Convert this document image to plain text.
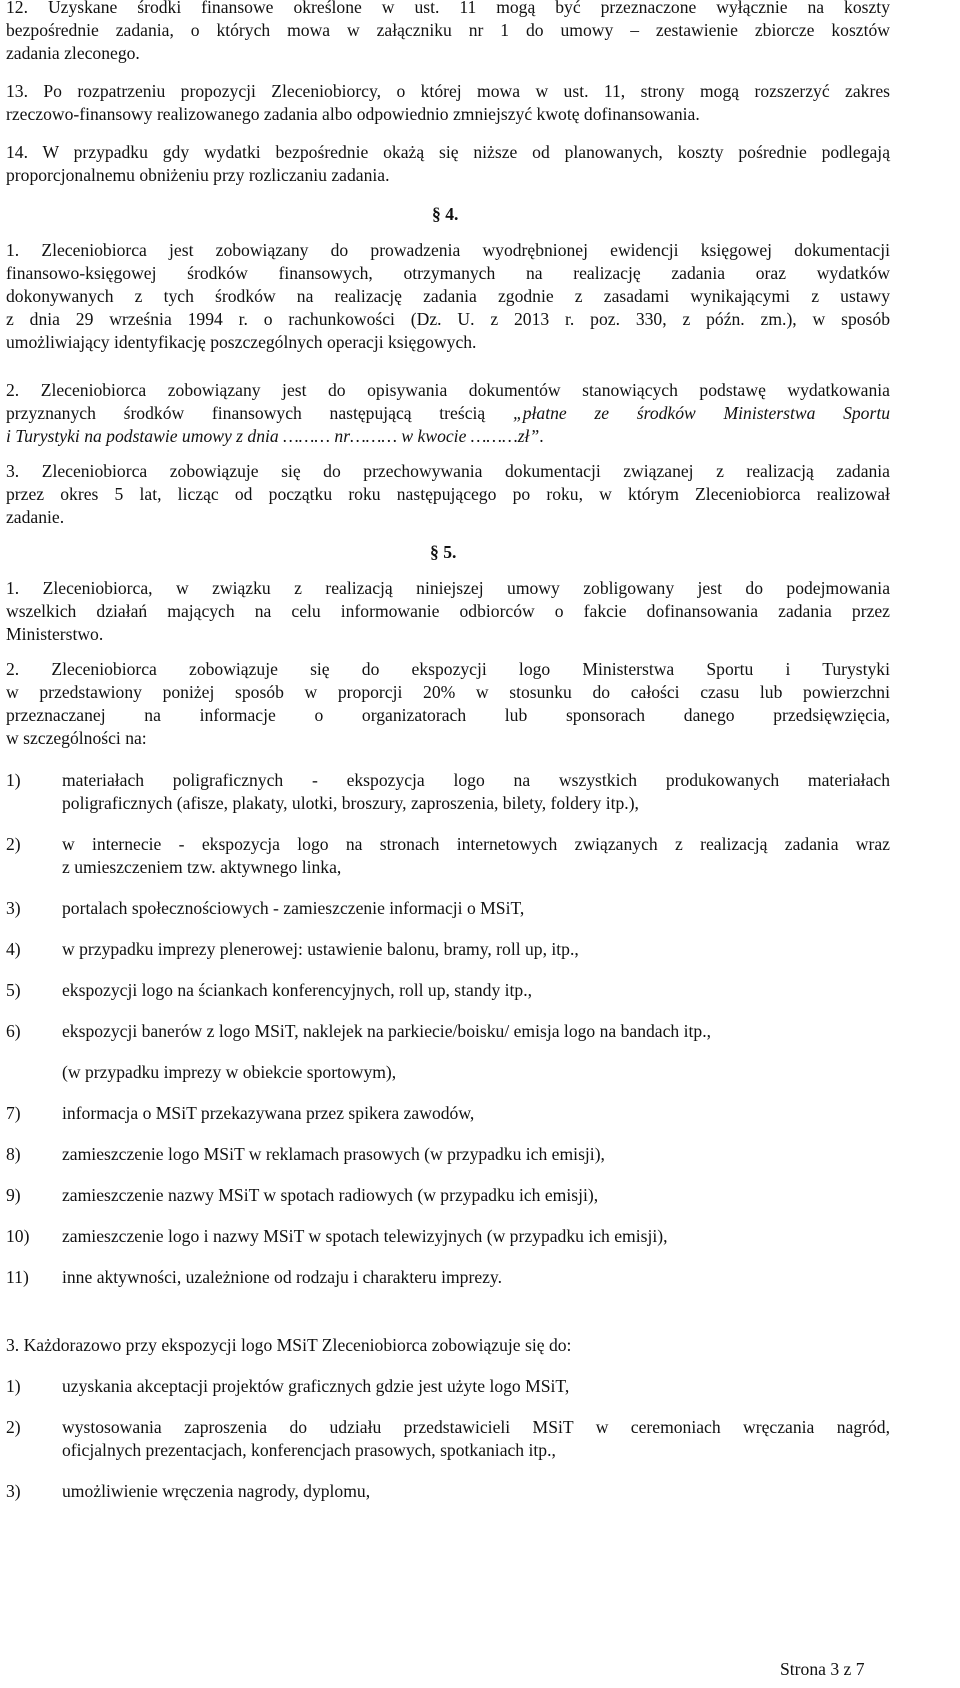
12. Uzyskane środki finansowe określone w ust. 11 mogą być przeznaczone wyłącznie na koszty
bezpośrednie zadania, o których mowa w załączniku nr 1 do umowy – zestawienie zbiorcze kosztów
zadania zleconego.
13. Po rozpatrzeniu propozycji Zleceniobiorcy, o której mowa w ust. 11, strony mogą rozszerzyć zakres
rzeczowo-finansowy realizowanego zadania albo odpowiednio zmniejszyć kwotę dofinansowania.
14. W przypadku gdy wydatki bezpośrednie okażą się niższe od planowanych, koszty pośrednie podlegają
proporcjonalnemu obniżeniu przy rozliczaniu zadania.
§ 4.
1. Zleceniobiorca jest zobowiązany do prowadzenia wyodrębnionej ewidencji księgowej dokumentacji
finansowo-księgowej środków finansowych, otrzymanych na realizację zadania oraz wydatków
dokonywanych z tych środków na realizację zadania zgodnie z zasadami wynikającymi z ustawy
z dnia 29 września 1994 r. o rachunkowości (Dz. U. z 2013 r. poz. 330, z późn. zm.), w sposób
umożliwiający identyfikację poszczególnych operacji księgowych.
2. Zleceniobiorca zobowiązany jest do opisywania dokumentów stanowiących podstawę wydatkowania
przyznanych środków finansowych następującą treścią „płatne ze środków Ministerstwa Sportu
i Turystyki na podstawie umowy z dnia ……… nr……… w kwocie ………zł”.
3. Zleceniobiorca zobowiązuje się do przechowywania dokumentacji związanej z realizacją zadania
przez okres 5 lat, licząc od początku roku następującego po roku, w którym Zleceniobiorca realizował
zadanie.
§ 5.
1. Zleceniobiorca, w związku z realizacją niniejszej umowy zobligowany jest do podejmowania
wszelkich działań mających na celu informowanie odbiorców o fakcie dofinansowania zadania przez
Ministerstwo.
2. Zleceniobiorca zobowiązuje się do ekspozycji logo Ministerstwa Sportu i Turystyki
w przedstawiony poniżej sposób w proporcji 20% w stosunku do całości czasu lub powierzchni
przeznaczanej na informacje o organizatorach lub sponsorach danego przedsięwzięcia,
w szczególności na:
1) materiałach poligraficznych - ekspozycja logo na wszystkich produkowanych materiałach
poligraficznych (afisze, plakaty, ulotki, broszury, zaproszenia, bilety, foldery itp.),
2) w internecie - ekspozycja logo na stronach internetowych związanych z realizacją zadania wraz
z umieszczeniem tzw. aktywnego linka,
3) portalach społecznościowych - zamieszczenie informacji o MSiT,
4) w przypadku imprezy plenerowej: ustawienie balonu, bramy, roll up, itp.,
5) ekspozycji logo na ściankach konferencyjnych, roll up, standy itp.,
6) ekspozycji banerów z logo MSiT, naklejek na parkiecie/boisku/ emisja logo na bandach itp.,
(w przypadku imprezy w obiekcie sportowym),
7) informacja o MSiT przekazywana przez spikera zawodów,
8) zamieszczenie logo MSiT w reklamach prasowych (w przypadku ich emisji),
9) zamieszczenie nazwy MSiT w spotach radiowych (w przypadku ich emisji),
10) zamieszczenie logo i nazwy MSiT w spotach telewizyjnych (w przypadku ich emisji),
11) inne aktywności, uzależnione od rodzaju i charakteru imprezy.
3. Każdorazowo przy ekspozycji logo MSiT Zleceniobiorca zobowiązuje się do:
1) uzyskania akceptacji projektów graficznych gdzie jest użyte logo MSiT,
2) wystosowania zaproszenia do udziału przedstawicieli MSiT w ceremoniach wręczania nagród,
oficjalnych prezentacjach, konferencjach prasowych, spotkaniach itp.,
3) umożliwienie wręczenia nagrody, dyplomu,
Strona 3 z 7
